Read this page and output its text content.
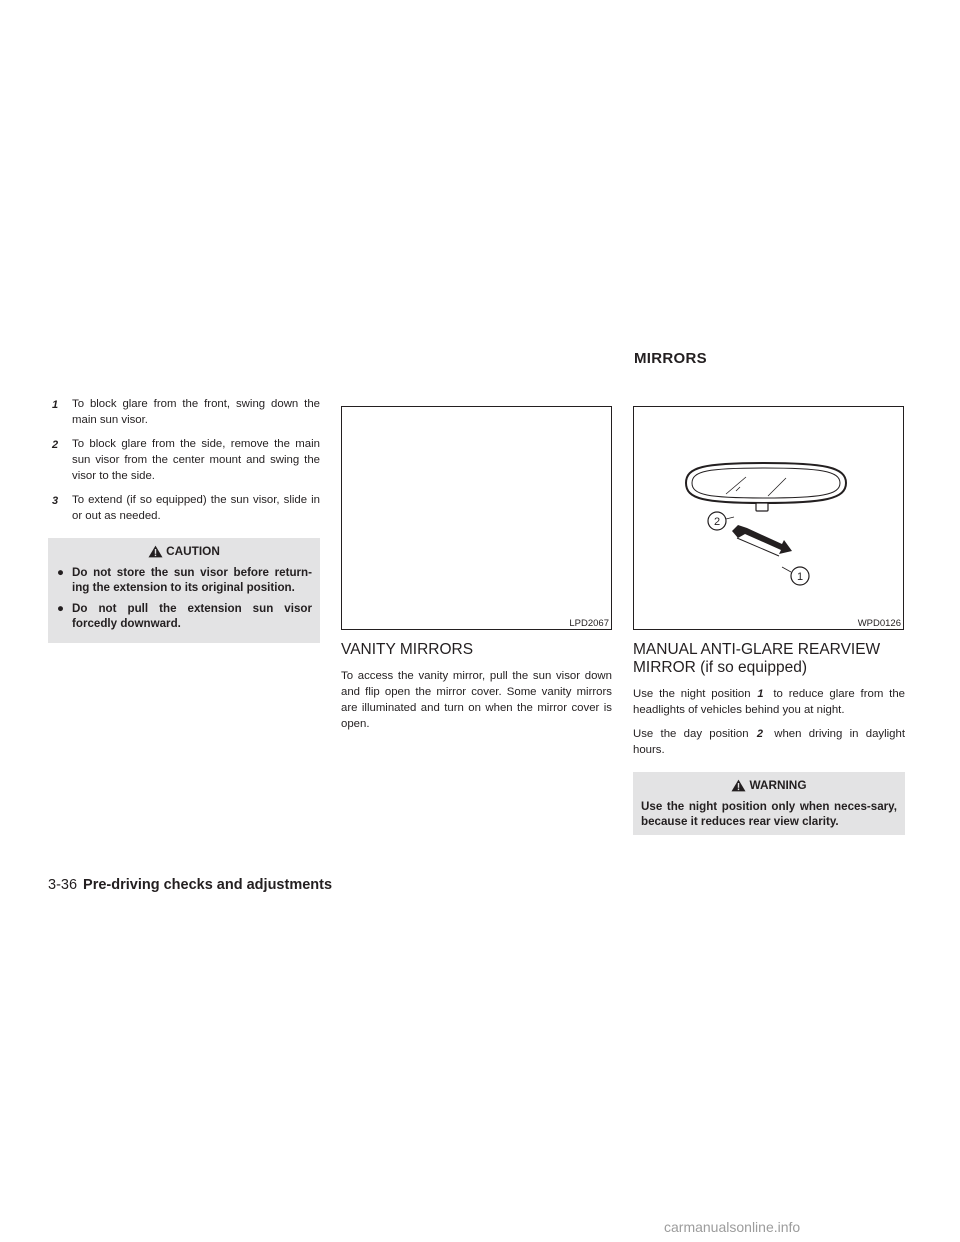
MIRRORS
1	To block glare from the front, swing down the main sun visor.
2	To block glare from the side, remove the main sun visor from the center mount and swing the visor to the side.
3	To extend (if so equipped) the sun visor, slide in or out as needed.
CAUTION
● Do not store the sun visor before return-ing the extension to its original position.
● Do not pull the extension sun visor forcedly downward.	LPD2067
VANITY MIRRORS
To access the vanity mirror, pull the sun visor down and flip open the mirror cover. Some vanity mirrors are illuminated and turn on when the mirror cover is open.
2
1
WPD0126
MANUAL ANTI-GLARE REARVIEW MIRROR (if so equipped)
Use the night position 1 to reduce glare from the headlights of vehicles behind you at night.
Use the day position 2 when driving in daylight hours.
WARNING
Use the night position only when neces-sary, because it reduces rear view clarity.
3-36 Pre-driving checks and adjustments
carmanualsonline.info
